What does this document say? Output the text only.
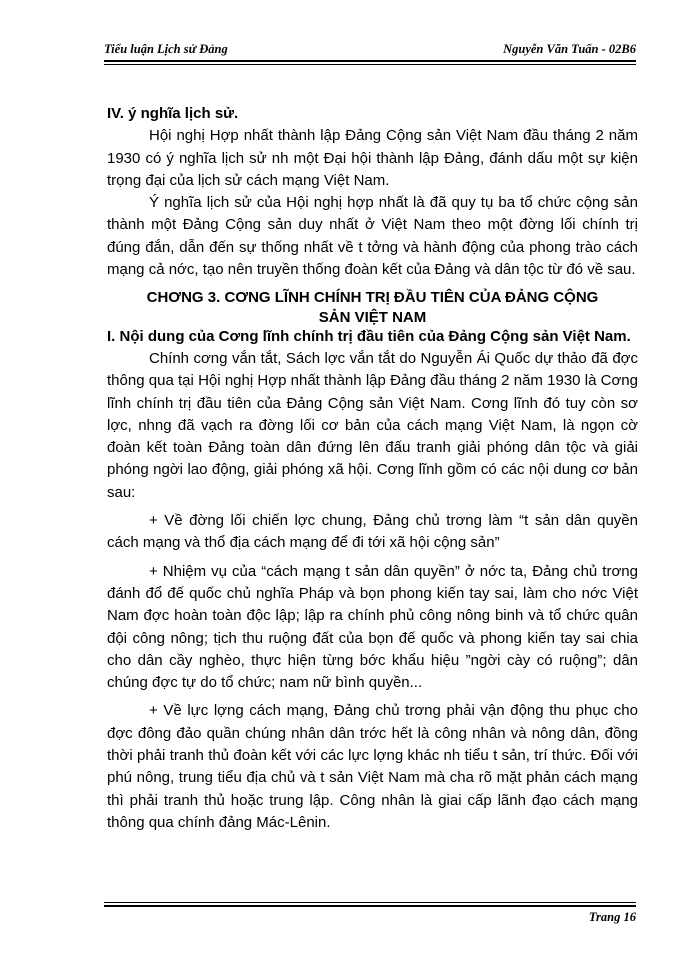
Tiểu luận Lịch sử Đảng	Nguyễn Văn Tuấn - 02B6

IV. ý nghĩa lịch sử.

Hội nghị Hợp nhất thành lập Đảng Cộng sản Việt Nam đầu tháng 2 năm 1930 có ý nghĩa lịch sử nh một Đại hội thành lập Đảng, đánh dấu một sự kiện trọng đại của lịch sử cách mạng Việt Nam.

Ý nghĩa lịch sử của Hội nghị hợp nhất là đã quy tụ ba tổ chức cộng sản thành một Đảng Cộng sản duy nhất ở Việt Nam theo một đờng lối chính trị đúng đắn, dẫn đến sự thống nhất về t tởng và hành động của phong trào cách mạng cả nớc, tạo nên truyền thống đoàn kết của Đảng và dân tộc từ đó về sau.

CHƠNG 3. CƠNG LĨNH CHÍNH TRỊ ĐẦU TIÊN CỦA ĐẢNG CỘNG

SẢN VIỆT NAM

I. Nội dung của Cơng lĩnh chính trị đầu tiên của Đảng Cộng sản Việt Nam.

Chính cơng vắn tắt, Sách lợc vắn tắt do Nguyễn Ái Quốc dự thảo đã đợc thông qua tại Hội nghị Hợp nhất thành lập Đảng đầu tháng 2 năm 1930 là Cơng lĩnh chính trị đầu tiên của Đảng Cộng sản Việt Nam. Cơng lĩnh đó tuy còn sơ lợc, nhng đã vạch ra đờng lối cơ bản của cách mạng Việt Nam, là ngọn cờ đoàn kết toàn Đảng toàn dân đứng lên đấu tranh giải phóng dân tộc và giải phóng ngời lao động, giải phóng xã hội. Cơng lĩnh gồm có các nội dung cơ bản sau:

+ Về đờng lối chiến lợc chung, Đảng chủ trơng làm “t sản dân quyền cách mạng và thổ địa cách mạng để đi tới xã hội cộng sản”

+ Nhiệm vụ của “cách mạng t sản dân quyền” ở nớc ta, Đảng chủ trơng đánh đổ đế quốc chủ nghĩa Pháp và bọn phong kiến tay sai, làm cho nớc Việt Nam đợc hoàn toàn độc lập; lập ra chính phủ công nông binh và tổ chức quân đội công nông; tịch thu ruộng đất của bọn đế quốc và phong kiến tay sai chia cho dân cầy nghèo, thực hiện từng bớc khẩu hiệu ”ngời cày có ruộng”; dân chúng đợc tự do tổ chức; nam nữ bình quyền...

+ Về lực lợng cách mạng, Đảng chủ trơng phải vận động thu phục cho đợc đông đảo quần chúng nhân dân trớc hết là công nhân và nông dân, đồng thời phải tranh thủ đoàn kết với các lực lợng khác nh tiểu t sản, trí thức. Đối với phú nông, trung tiểu địa chủ và t sản Việt Nam mà cha rõ mặt phản cách mạng thì phải tranh thủ hoặc trung lập. Công nhân là giai cấp lãnh đạo cách mạng thông qua chính đảng Mác-Lênin.

Trang 16
